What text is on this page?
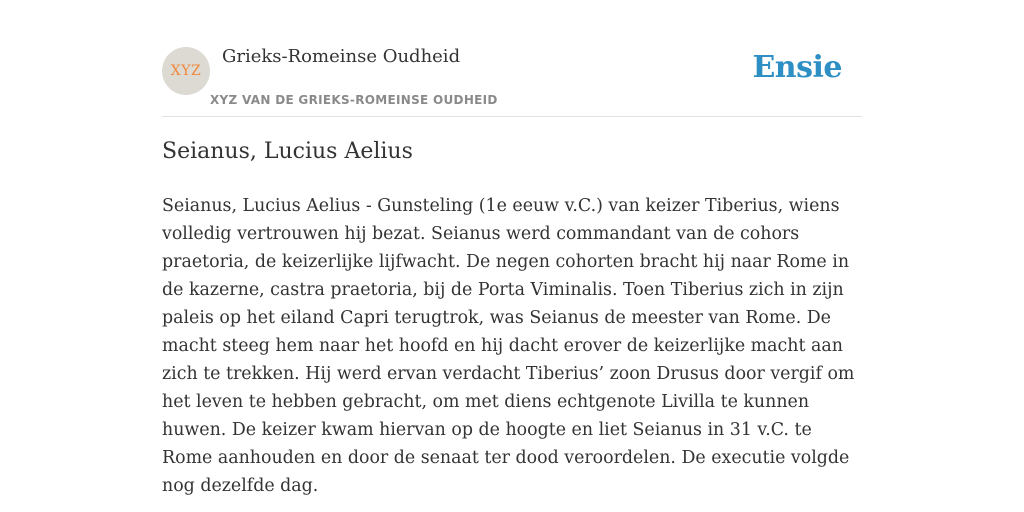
XYZ
Grieks-Romeinse Oudheid
XYZ VAN DE GRIEKS-ROMEINSE OUDHEID
Ensie
Seianus, Lucius Aelius

Seianus, Lucius Aelius - Gunsteling (1e eeuw v.C.) van keizer Tiberius, wiens volledig vertrouwen hij bezat. Seianus werd commandant van de cohors praetoria, de keizerlijke lijfwacht. De negen cohorten bracht hij naar Rome in de kazerne, castra praetoria, bij de Porta Viminalis. Toen Tiberius zich in zijn paleis op het eiland Capri terugtrok, was Seianus de meester van Rome. De macht steeg hem naar het hoofd en hij dacht erover de keizerlijke macht aan zich te trekken. Hij werd ervan verdacht Tiberius’ zoon Drusus door vergif om het leven te hebben gebracht, om met diens echtgenote Livilla te kunnen huwen. De keizer kwam hiervan op de hoogte en liet Seianus in 31 v.C. te Rome aanhouden en door de senaat ter dood veroordelen. De executie volgde nog dezelfde dag.
